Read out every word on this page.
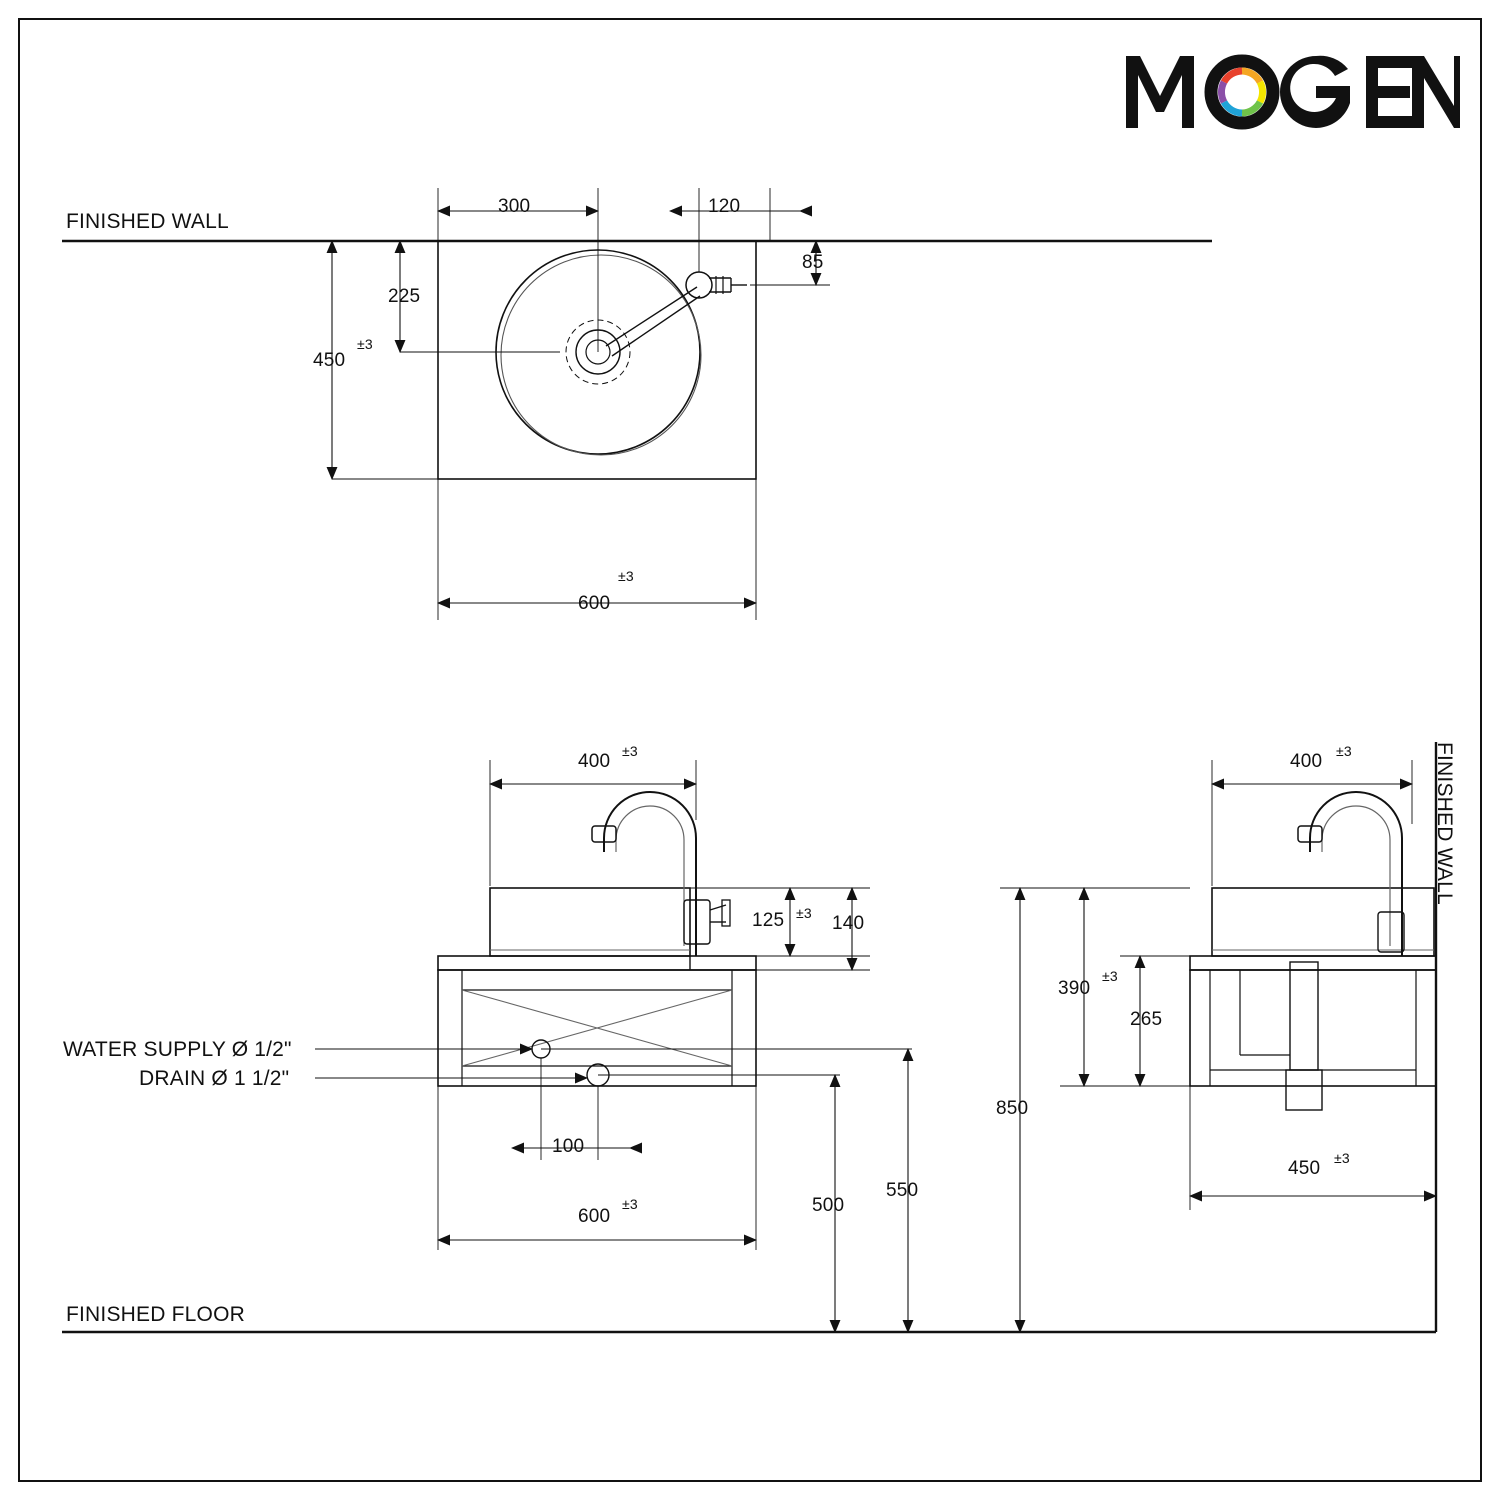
FINISHED WALL
FINISHED FLOOR
FINISHED WALL
WATER SUPPLY Ø 1/2"
DRAIN Ø 1 1/2"
300	120
85
225
450
±3
600
±3
400 ±3
125 ±3 140
100
600
±3	500
550
400 ±3
390
±3
265
850
450 ±3
